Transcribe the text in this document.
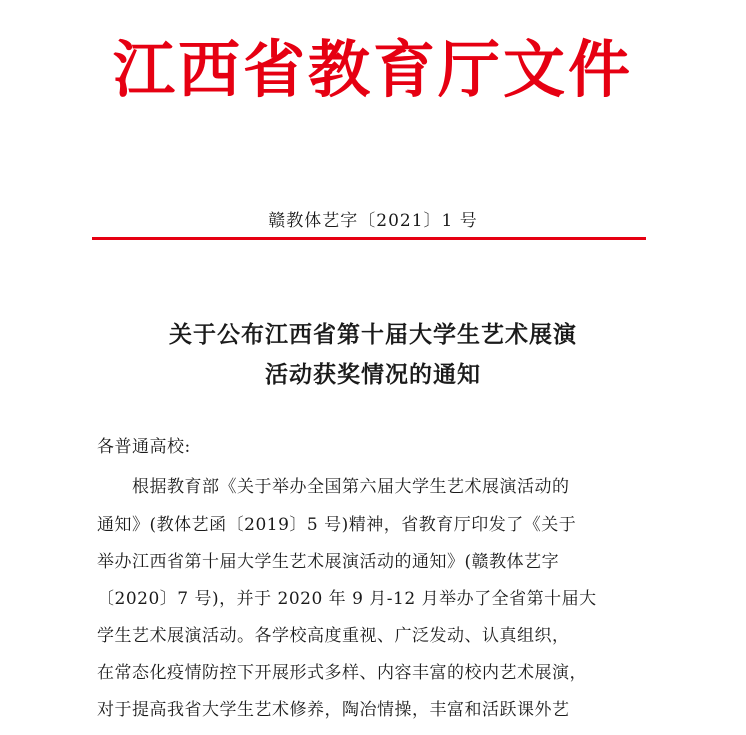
江西省教育厅文件
赣教体艺字〔2021〕1 号
关于公布江西省第十届大学生艺术展演
活动获奖情况的通知
各普通高校:
　　根据教育部《关于举办全国第六届大学生艺术展演活动的
通知》(教体艺函〔2019〕5 号)精神，省教育厅印发了《关于
举办江西省第十届大学生艺术展演活动的通知》(赣教体艺字
〔2020〕7 号)，并于 2020 年 9 月-12 月举办了全省第十届大
学生艺术展演活动。各学校高度重视、广泛发动、认真组织，
在常态化疫情防控下开展形式多样、内容丰富的校内艺术展演，
对于提高我省大学生艺术修养，陶冶情操，丰富和活跃课外艺
